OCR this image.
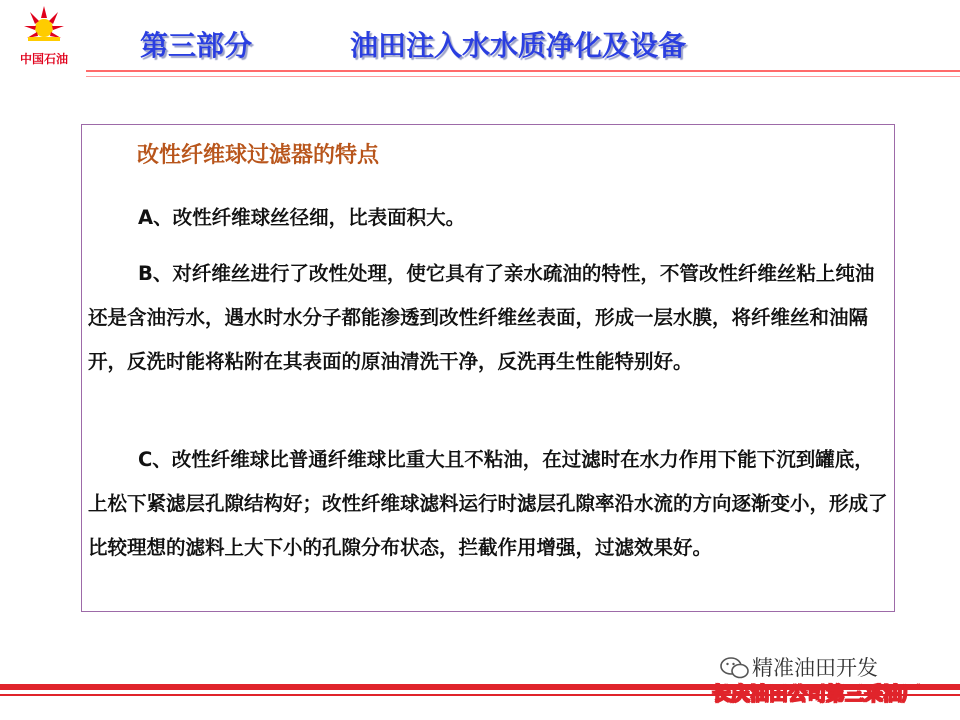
中国石油	第三部分	油田注入水水质净化及设备
改性纤维球过滤器的特点

A、改性纤维球丝径细，比表面积大。

B、对纤维丝进行了改性处理，使它具有了亲水疏油的特性，不管改性纤维丝粘上纯油还是含油污水，遇水时水分子都能渗透到改性纤维丝表面，形成一层水膜，将纤维丝和油隔开，反洗时能将粘附在其表面的原油清洗干净，反洗再生性能特别好。

C、改性纤维球比普通纤维球比重大且不粘油，在过滤时在水力作用下能下沉到罐底，上松下紧滤层孔隙结构好；改性纤维球滤料运行时滤层孔隙率沿水流的方向逐渐变小，形成了比较理想的滤料上大下小的孔隙分布状态，拦截作用增强，过滤效果好。

精准油田开发
长庆油田公司第三采油厂
